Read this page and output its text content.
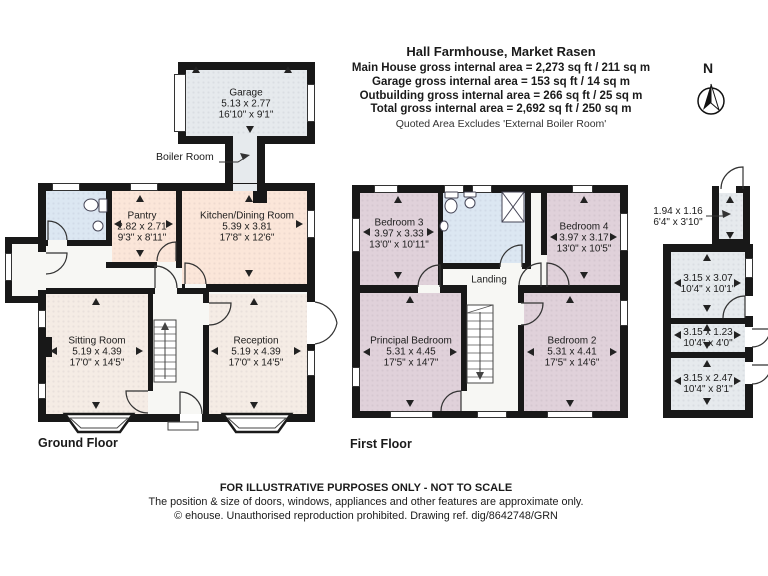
Hall Farmhouse, Market Rasen
Main House gross internal area = 2,273 sq ft / 211 sq m
Garage gross internal area = 153 sq ft / 14 sq m
Outbuilding gross internal area = 266 sq ft / 25 sq m
Total gross internal area = 2,692 sq ft / 250 sq m
Quoted Area Excludes 'External Boiler Room'
N
Boiler Room
Garage
5.13 x 2.77
16'10" x 9'1"
Pantry
2.82 x 2.71
9'3" x 8'11"
Kitchen/Dining Room
5.39 x 3.81
17'8" x 12'6"
Sitting Room
5.19 x 4.39
17'0" x 14'5"
Reception
5.19 x 4.39
17'0" x 14'5"
Bedroom 3
3.97 x 3.33
13'0" x 10'11"
Bedroom 4
3.97 x 3.17
13'0" x 10'5"
Landing
Principal Bedroom
5.31 x 4.45
17'5" x 14'7"
Bedroom 2
5.31 x 4.41
17'5" x 14'6"
1.94 x 1.16
6'4" x 3'10"
3.15 x 3.07
10'4" x 10'1"
3.15 x 1.23
10'4" x 4'0"
3.15 x 2.47
10'4" x 8'1"
Ground Floor	First Floor
FOR ILLUSTRATIVE PURPOSES ONLY - NOT TO SCALE
The position & size of doors, windows, appliances and other features are approximate only.
© ehouse. Unauthorised reproduction prohibited. Drawing ref. dig/8642748/GRN
